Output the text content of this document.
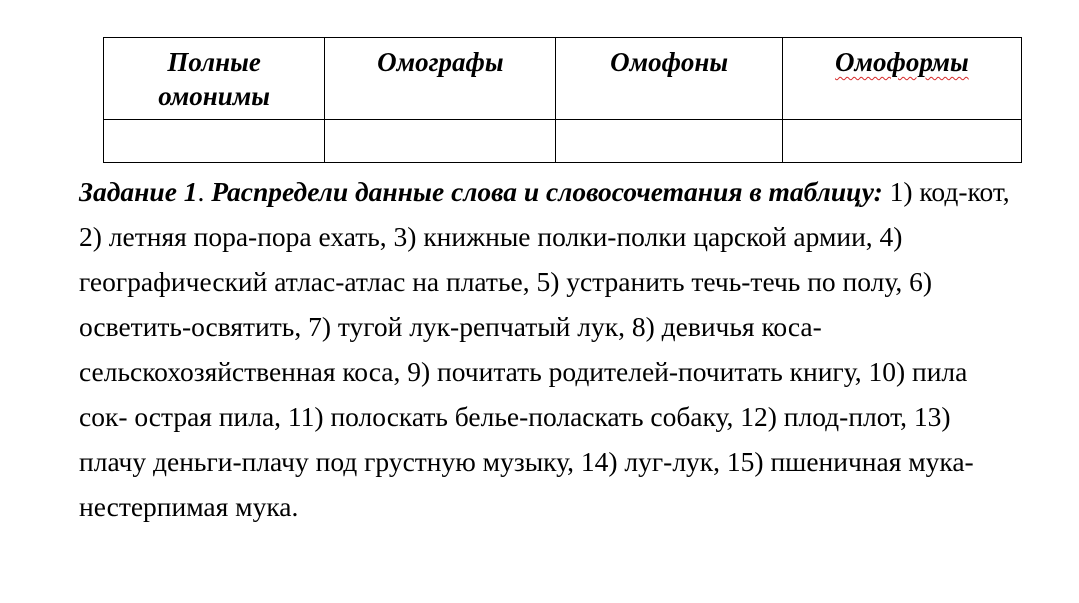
Полные омонимы	Омографы	Омофоны	Омоформы

Задание 1. Распредели данные слова и словосочетания в таблицу: 1) код-кот, 2) летняя пора-пора ехать, 3) книжные полки-полки царской армии, 4) географический атлас-атлас на платье, 5) устранить течь-течь по полу, 6) осветить-освятить, 7) тугой лук-репчатый лук, 8) девичья коса-сельскохозяйственная коса, 9) почитать родителей-почитать книгу, 10) пила сок- острая пила, 11) полоскать белье-поласкать собаку, 12) плод-плот, 13) плачу деньги-плачу под грустную музыку, 14) луг-лук, 15) пшеничная мука-нестерпимая мука.
